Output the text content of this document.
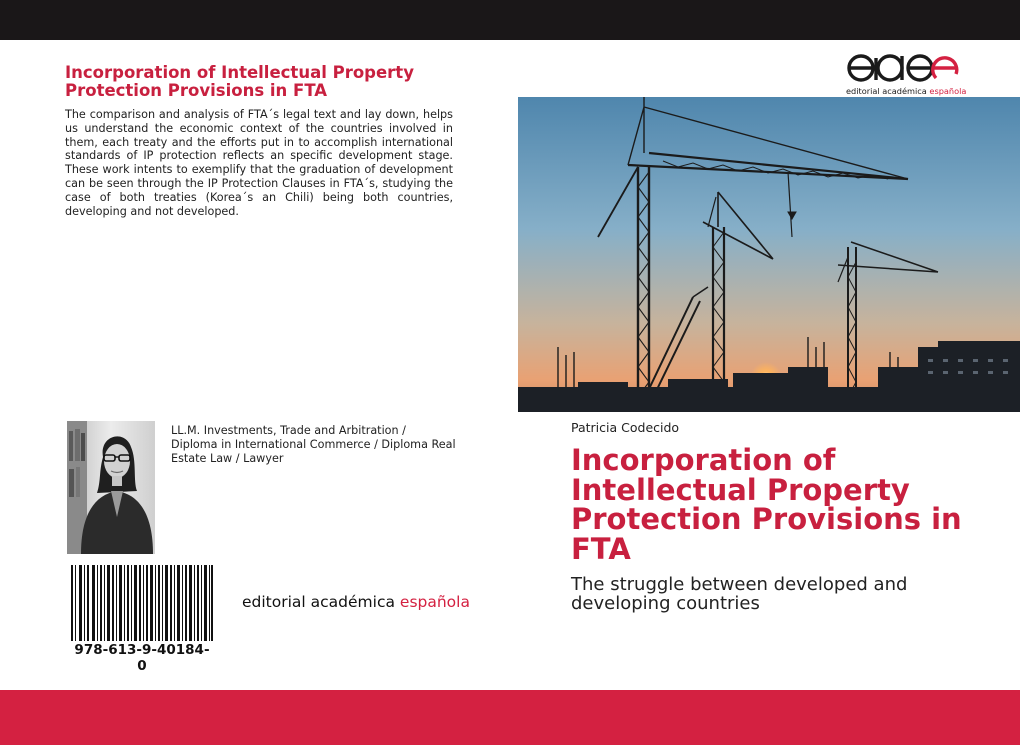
Incorporation of Intellectual Property Protection Provisions in FTA

The comparison and analysis of FTA´s legal text and lay down, helps us understand the economic context of the countries involved in them, each treaty and the efforts put in to accomplish international standards of IP protection reflects an specific development stage. These work intents to exemplify that the graduation of development can be seen through the IP Protection Clauses in FTA´s, studying the case of both treaties (Korea´s an Chili) being both countries, developing and not developed.

LL.M. Investments, Trade and Arbitration / Diploma in International Commerce / Diploma Real Estate Law / Lawyer

978-613-9-40184-0
editorial académica española
editorial académica española
Patricia Codecido
Incorporation of Intellectual Property Protection Provisions in FTA

The struggle between developed and developing countries
